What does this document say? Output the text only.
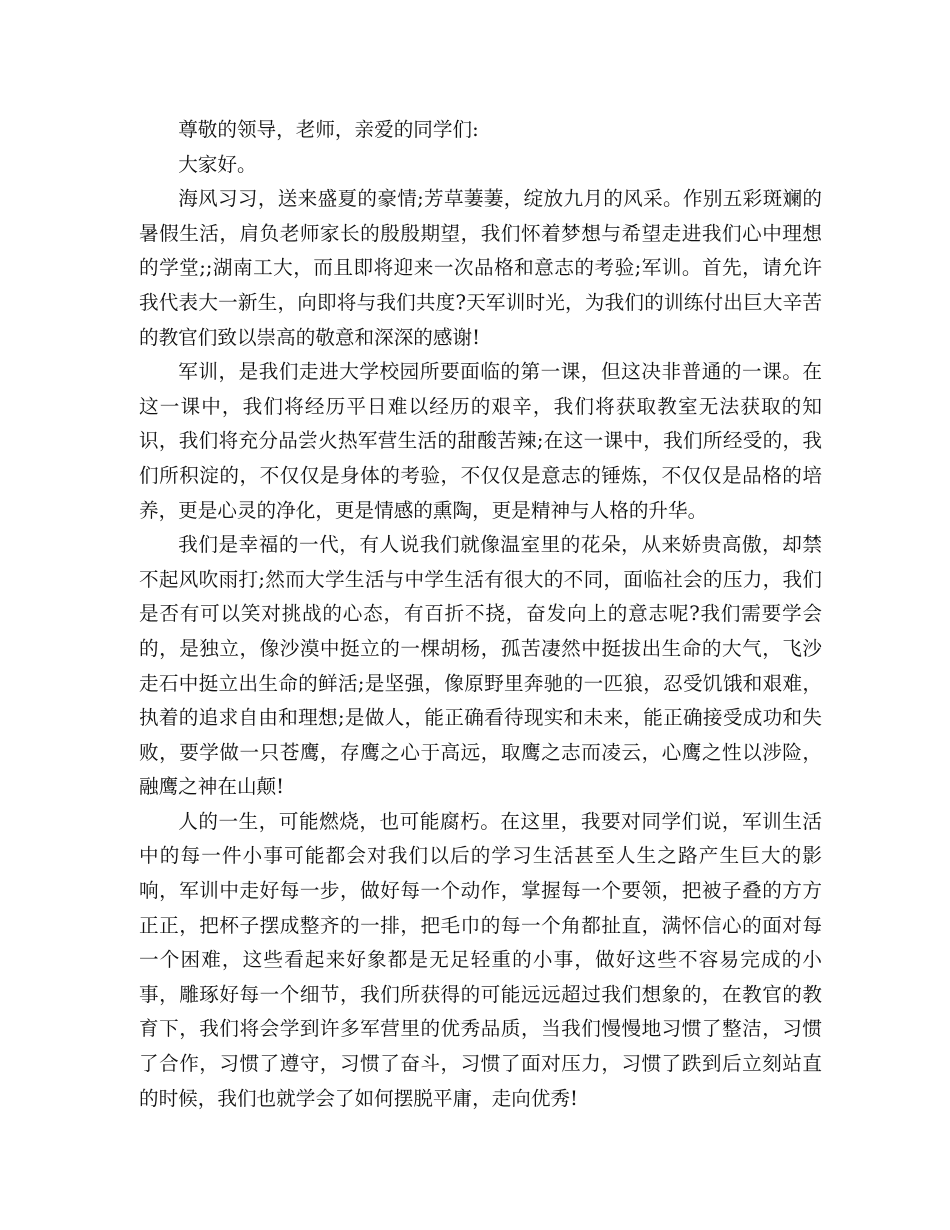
尊敬的领导，老师，亲爱的同学们:

大家好。

海风习习，送来盛夏的豪情;芳草萋萋，绽放九月的风采。作别五彩斑斓的暑假生活，肩负老师家长的殷殷期望，我们怀着梦想与希望走进我们心中理想的学堂;;湖南工大，而且即将迎来一次品格和意志的考验;军训。首先，请允许我代表大一新生，向即将与我们共度?天军训时光，为我们的训练付出巨大辛苦的教官们致以崇高的敬意和深深的感谢!

军训，是我们走进大学校园所要面临的第一课，但这决非普通的一课。在这一课中，我们将经历平日难以经历的艰辛，我们将获取教室无法获取的知识，我们将充分品尝火热军营生活的甜酸苦辣;在这一课中，我们所经受的，我们所积淀的，不仅仅是身体的考验，不仅仅是意志的锤炼，不仅仅是品格的培养，更是心灵的净化，更是情感的熏陶，更是精神与人格的升华。

我们是幸福的一代，有人说我们就像温室里的花朵，从来娇贵高傲，却禁不起风吹雨打;然而大学生活与中学生活有很大的不同，面临社会的压力，我们是否有可以笑对挑战的心态，有百折不挠，奋发向上的意志呢?我们需要学会的，是独立，像沙漠中挺立的一棵胡杨，孤苦凄然中挺拔出生命的大气，飞沙走石中挺立出生命的鲜活;是坚强，像原野里奔驰的一匹狼，忍受饥饿和艰难，执着的追求自由和理想;是做人，能正确看待现实和未来，能正确接受成功和失败，要学做一只苍鹰，存鹰之心于高远，取鹰之志而凌云，心鹰之性以涉险，融鹰之神在山颠!

人的一生，可能燃烧，也可能腐朽。在这里，我要对同学们说，军训生活中的每一件小事可能都会对我们以后的学习生活甚至人生之路产生巨大的影响，军训中走好每一步，做好每一个动作，掌握每一个要领，把被子叠的方方正正，把杯子摆成整齐的一排，把毛巾的每一个角都扯直，满怀信心的面对每一个困难，这些看起来好象都是无足轻重的小事，做好这些不容易完成的小事，雕琢好每一个细节，我们所获得的可能远远超过我们想象的，在教官的教育下，我们将会学到许多军营里的优秀品质，当我们慢慢地习惯了整洁，习惯了合作，习惯了遵守，习惯了奋斗，习惯了面对压力，习惯了跌到后立刻站直的时候，我们也就学会了如何摆脱平庸，走向优秀!
